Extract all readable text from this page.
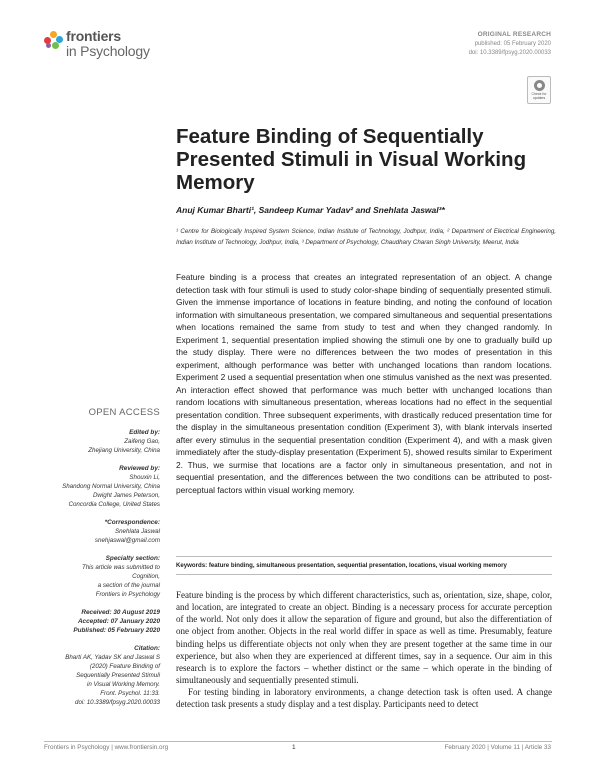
frontiers
in Psychology
ORIGINAL RESEARCH
published: 05 February 2020
doi: 10.3389/fpsyg.2020.00033
Check for
updates
Feature Binding of Sequentially Presented Stimuli in Visual Working Memory
Anuj Kumar Bharti¹, Sandeep Kumar Yadav² and Snehlata Jaswal³*
¹ Centre for Biologically Inspired System Science, Indian Institute of Technology, Jodhpur, India, ² Department of Electrical Engineering, Indian Institute of Technology, Jodhpur, India, ³ Department of Psychology, Chaudhary Charan Singh University, Meerut, India
Feature binding is a process that creates an integrated representation of an object. A change detection task with four stimuli is used to study color-shape binding of sequentially presented stimuli. Given the immense importance of locations in feature binding, and noting the confound of location information with simultaneous presentation, we compared simultaneous and sequential presentations when locations remained the same from study to test and when they changed randomly. In Experiment 1, sequential presentation implied showing the stimuli one by one to gradually build up the study display. There were no differences between the two modes of presentation in this experiment, although performance was better with unchanged locations than random locations. Experiment 2 used a sequential presentation when one stimulus vanished as the next was presented. An interaction effect showed that performance was much better with unchanged locations than random locations with simultaneous presentation, whereas locations had no effect in the sequential presentation condition. Three subsequent experiments, with drastically reduced presentation time for the display in the simultaneous presentation condition (Experiment 3), with blank intervals inserted after every stimulus in the sequential presentation condition (Experiment 4), and with a mask given immediately after the study-display presentation (Experiment 5), showed results similar to Experiment 2. Thus, we surmise that locations are a factor only in simultaneous presentation, and not in sequential presentation, and the differences between the two conditions can be attributed to post-perceptual factors within visual working memory.
Keywords: feature binding, simultaneous presentation, sequential presentation, locations, visual working memory
OPEN ACCESS
Edited by:
Zaifeng Gao,
Zhejiang University, China
Reviewed by:
Shouxin Li,
Shandong Normal University, China
Dwight James Peterson,
Concordia College, United States
*Correspondence:
Snehlata Jaswal
snehjaswal@gmail.com
Specialty section:
This article was submitted to
Cognition,
a section of the journal
Frontiers in Psychology
Received: 30 August 2019
Accepted: 07 January 2020
Published: 05 February 2020
Citation:
Bharti AK, Yadav SK and Jaswal S
(2020) Feature Binding of
Sequentially Presented Stimuli
in Visual Working Memory.
Front. Psychol. 11:33.
doi: 10.3389/fpsyg.2020.00033

Feature binding is the process by which different characteristics, such as, orientation, size, shape, color, and location, are integrated to create an object. Binding is a necessary process for accurate perception of the world. Not only does it allow the separation of figure and ground, but also the differentiation of one object from another. Objects in the real world differ in space as well as time. Presumably, feature binding helps us differentiate objects not only when they are present together at the same time in our experience, but also when they are experienced at different times, say in a sequence. Our aim in this research is to explore the factors – whether distinct or the same – which operate in the binding of simultaneously and sequentially presented stimuli.

For testing binding in laboratory environments, a change detection task is often used. A change detection task presents a study display and a test display. Participants need to detect

Frontiers in Psychology | www.frontiersin.org	1	February 2020 | Volume 11 | Article 33
